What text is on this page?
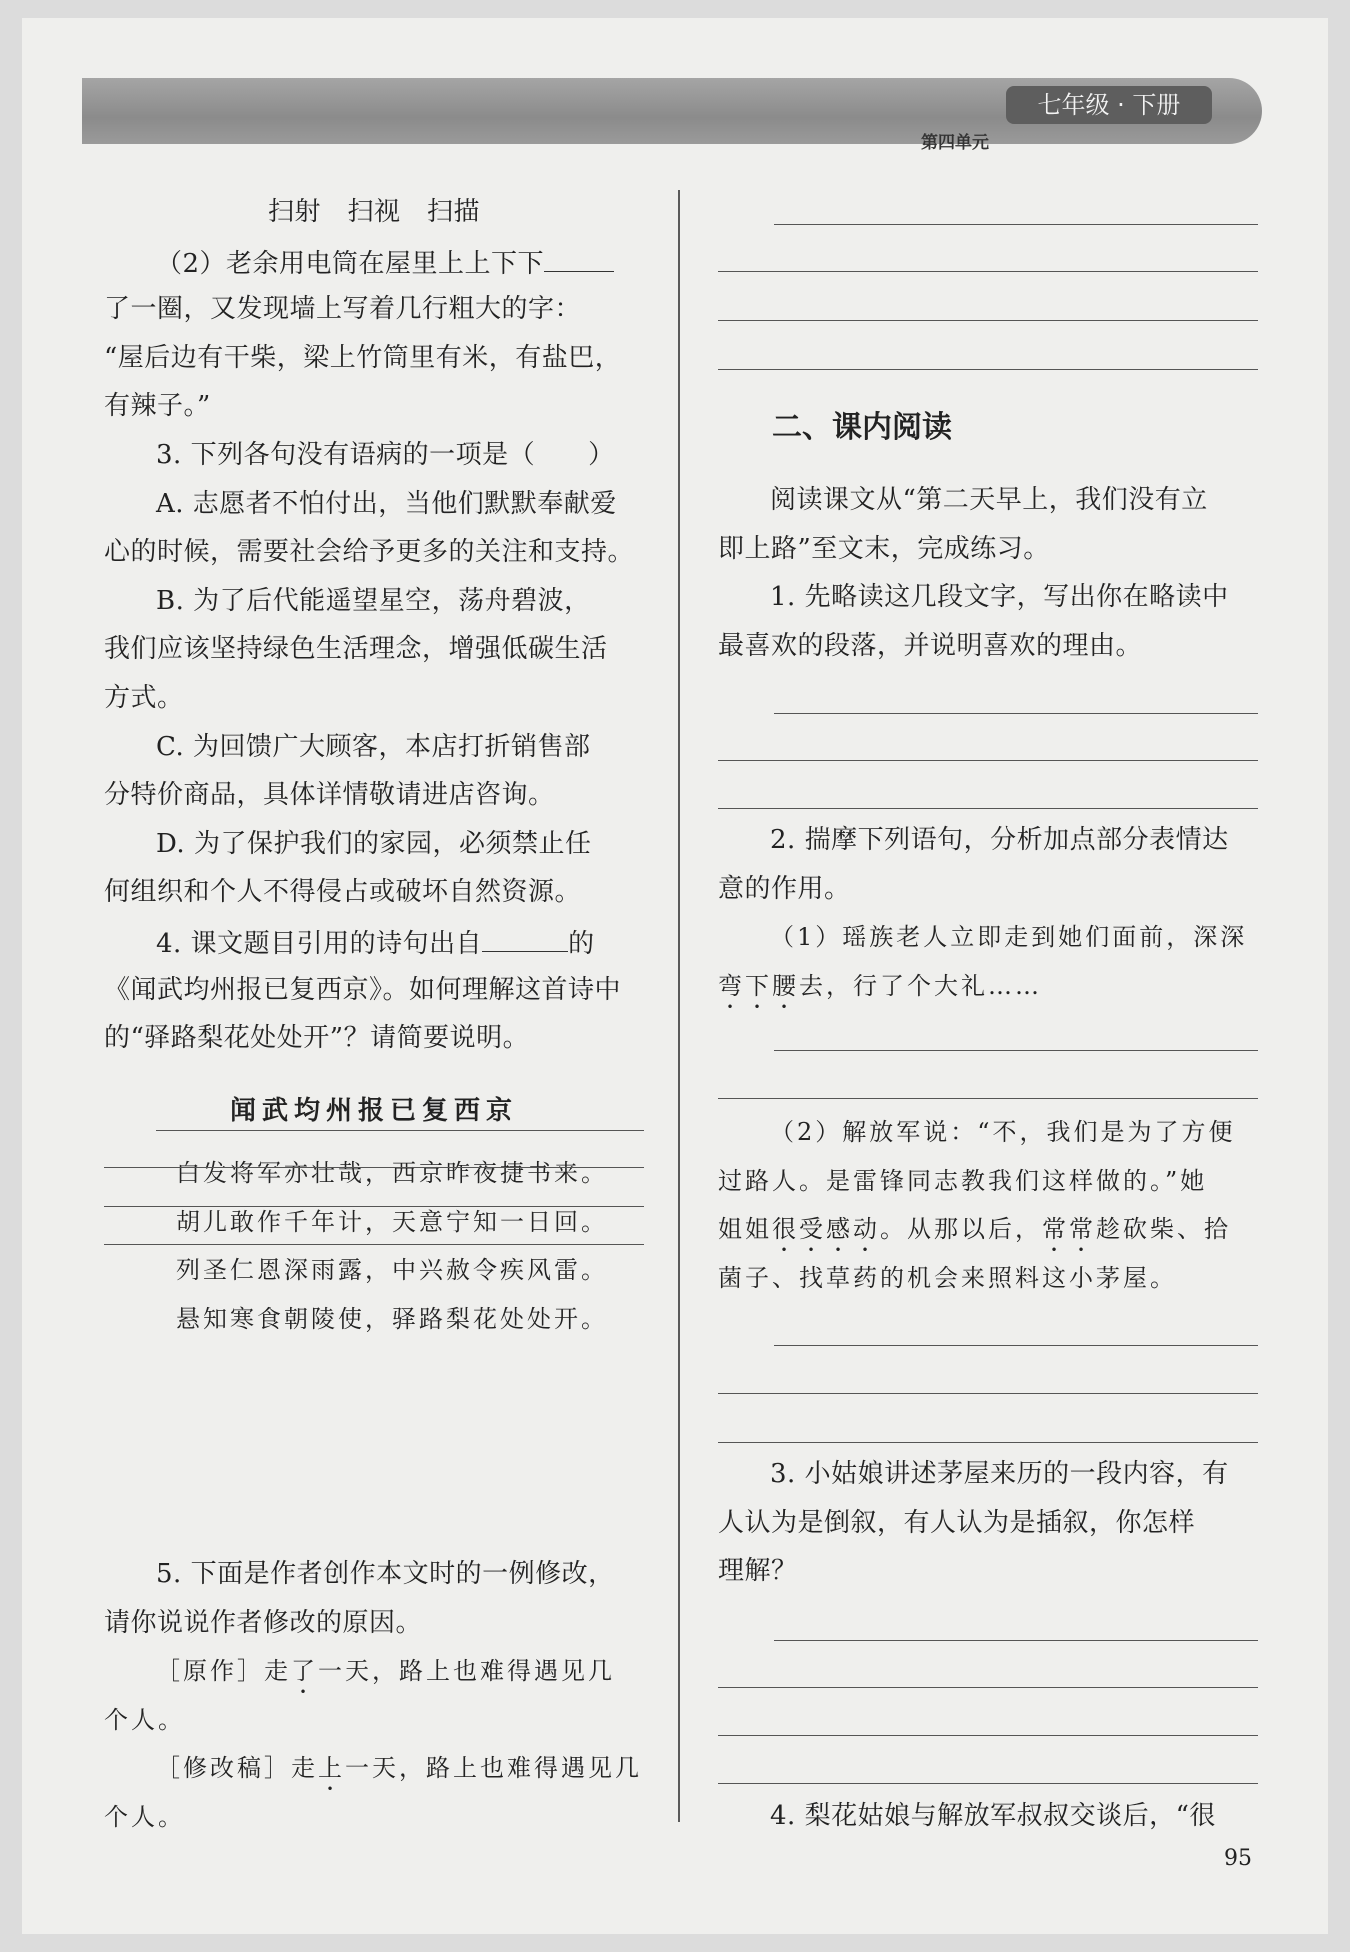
七年级 · 下册
第四单元
扫射　扫视　扫描
（2）老余用电筒在屋里上上下下
了一圈，又发现墙上写着几行粗大的字：
“屋后边有干柴，梁上竹筒里有米，有盐巴，
有辣子。”
3. 下列各句没有语病的一项是（　　）
A. 志愿者不怕付出，当他们默默奉献爱
心的时候，需要社会给予更多的关注和支持。
B. 为了后代能遥望星空，荡舟碧波，
我们应该坚持绿色生活理念，增强低碳生活
方式。
C. 为回馈广大顾客，本店打折销售部
分特价商品，具体详情敬请进店咨询。
D. 为了保护我们的家园，必须禁止任
何组织和个人不得侵占或破坏自然资源。
4. 课文题目引用的诗句出自	的
《闻武均州报已复西京》。如何理解这首诗中
的“驿路梨花处处开”？请简要说明。
闻武均州报已复西京
白发将军亦壮哉，西京昨夜捷书来。
胡儿敢作千年计，天意宁知一日回。
列圣仁恩深雨露，中兴赦令疾风雷。
悬知寒食朝陵使，驿路梨花处处开。
5. 下面是作者创作本文时的一例修改，
请你说说作者修改的原因。
［原作］走了一天，路上也难得遇见几
个人。
［修改稿］走上一天，路上也难得遇见几
个人。
二、课内阅读
阅读课文从“第二天早上，我们没有立
即上路”至文末，完成练习。
1. 先略读这几段文字，写出你在略读中
最喜欢的段落，并说明喜欢的理由。
2. 揣摩下列语句，分析加点部分表情达
意的作用。
（1）瑶族老人立即走到她们面前，深深
弯下腰去，行了个大礼……
（2）解放军说：“不，我们是为了方便
过路人。是雷锋同志教我们这样做的。”她
姐姐很受感动。从那以后，常常趁砍柴、拾
菌子、找草药的机会来照料这小茅屋。
3. 小姑娘讲述茅屋来历的一段内容，有
人认为是倒叙，有人认为是插叙，你怎样
理解？
4. 梨花姑娘与解放军叔叔交谈后，“很
95
